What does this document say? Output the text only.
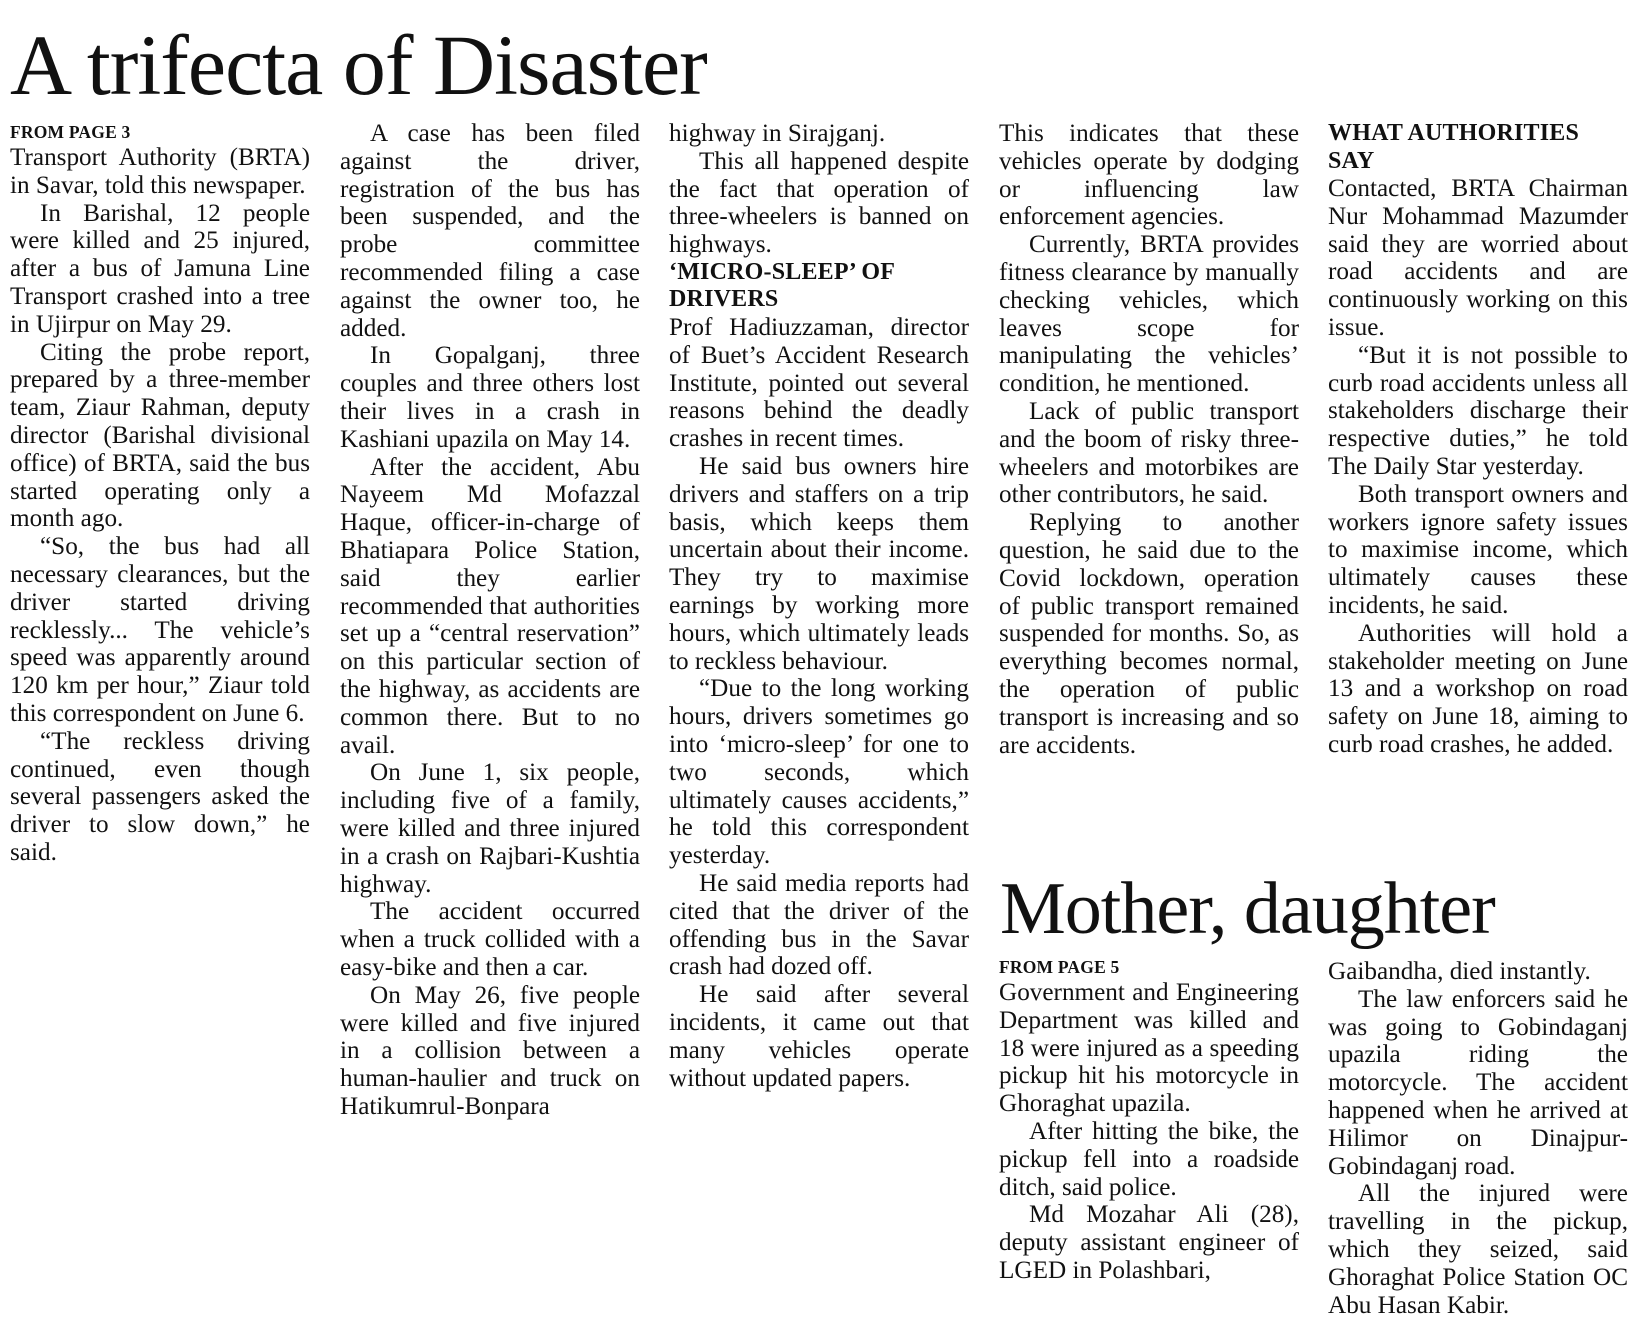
A trifecta of Disaster
FROM PAGE 3

Transport Authority (BRTA) in Savar, told this newspaper.

In Barishal, 12 people were killed and 25 injured, after a bus of Jamuna Line Transport crashed into a tree in Ujirpur on May 29.

Citing the probe report, prepared by a three-member team, Ziaur Rahman, deputy director (Barishal divisional office) of BRTA, said the bus started operating only a month ago.

“So, the bus had all necessary clearances, but the driver started driving recklessly... The vehicle’s speed was apparently around 120 km per hour,” Ziaur told this correspondent on June 6.

“The reckless driving continued, even though several passengers asked the driver to slow down,” he said.

A case has been filed against the driver, registration of the bus has been suspended, and the probe committee recommended filing a case against the owner too, he added.

In Gopalganj, three couples and three others lost their lives in a crash in Kashiani upazila on May 14.

After the accident, Abu Nayeem Md Mofazzal Haque, officer-in-charge of Bhatiapara Police Station, said they earlier recommended that authorities set up a “central reservation” on this particular section of the highway, as accidents are common there. But to no avail.

On June 1, six people, including five of a family, were killed and three injured in a crash on Rajbari-Kushtia highway.

The accident occurred when a truck collided with a easy-bike and then a car.

On May 26, five people were killed and five injured in a collision between a human-haulier and truck on Hatikumrul-Bonpara

highway in Sirajganj.

This all happened despite the fact that operation of three-wheelers is banned on highways.

‘MICRO-SLEEP’ OF DRIVERS

Prof Hadiuzzaman, director of Buet’s Accident Research Institute, pointed out several reasons behind the deadly crashes in recent times.

He said bus owners hire drivers and staffers on a trip basis, which keeps them uncertain about their income. They try to maximise earnings by working more hours, which ultimately leads to reckless behaviour.

“Due to the long working hours, drivers sometimes go into ‘micro-sleep’ for one to two seconds, which ultimately causes accidents,” he told this correspondent yesterday.

He said media reports had cited that the driver of the offending bus in the Savar crash had dozed off.

He said after several incidents, it came out that many vehicles operate without updated papers.

This indicates that these vehicles operate by dodging or influencing law enforcement agencies.

Currently, BRTA provides fitness clearance by manually checking vehicles, which leaves scope for manipulating the vehicles’ condition, he mentioned.

Lack of public transport and the boom of risky three-wheelers and motorbikes are other contributors, he said.

Replying to another question, he said due to the Covid lockdown, operation of public transport remained suspended for months. So, as everything becomes normal, the operation of public transport is increasing and so are accidents.

WHAT AUTHORITIES SAY

Contacted, BRTA Chairman Nur Mohammad Mazumder said they are worried about road accidents and are continuously working on this issue.

“But it is not possible to curb road accidents unless all stakeholders discharge their respective duties,” he told The Daily Star yesterday.

Both transport owners and workers ignore safety issues to maximise income, which ultimately causes these incidents, he said.

Authorities will hold a stakeholder meeting on June 13 and a workshop on road safety on June 18, aiming to curb road crashes, he added.

Mother, daughter
FROM PAGE 5

Government and Engineering Department was killed and 18 were injured as a speeding pickup hit his motorcycle in Ghoraghat upazila.

After hitting the bike, the pickup fell into a roadside ditch, said police.

Md Mozahar Ali (28), deputy assistant engineer of LGED in Polashbari,

Gaibandha, died instantly.

The law enforcers said he was going to Gobindaganj upazila riding the motorcycle. The accident happened when he arrived at Hilimor on Dinajpur-Gobindaganj road.

All the injured were travelling in the pickup, which they seized, said Ghoraghat Police Station OC Abu Hasan Kabir.
